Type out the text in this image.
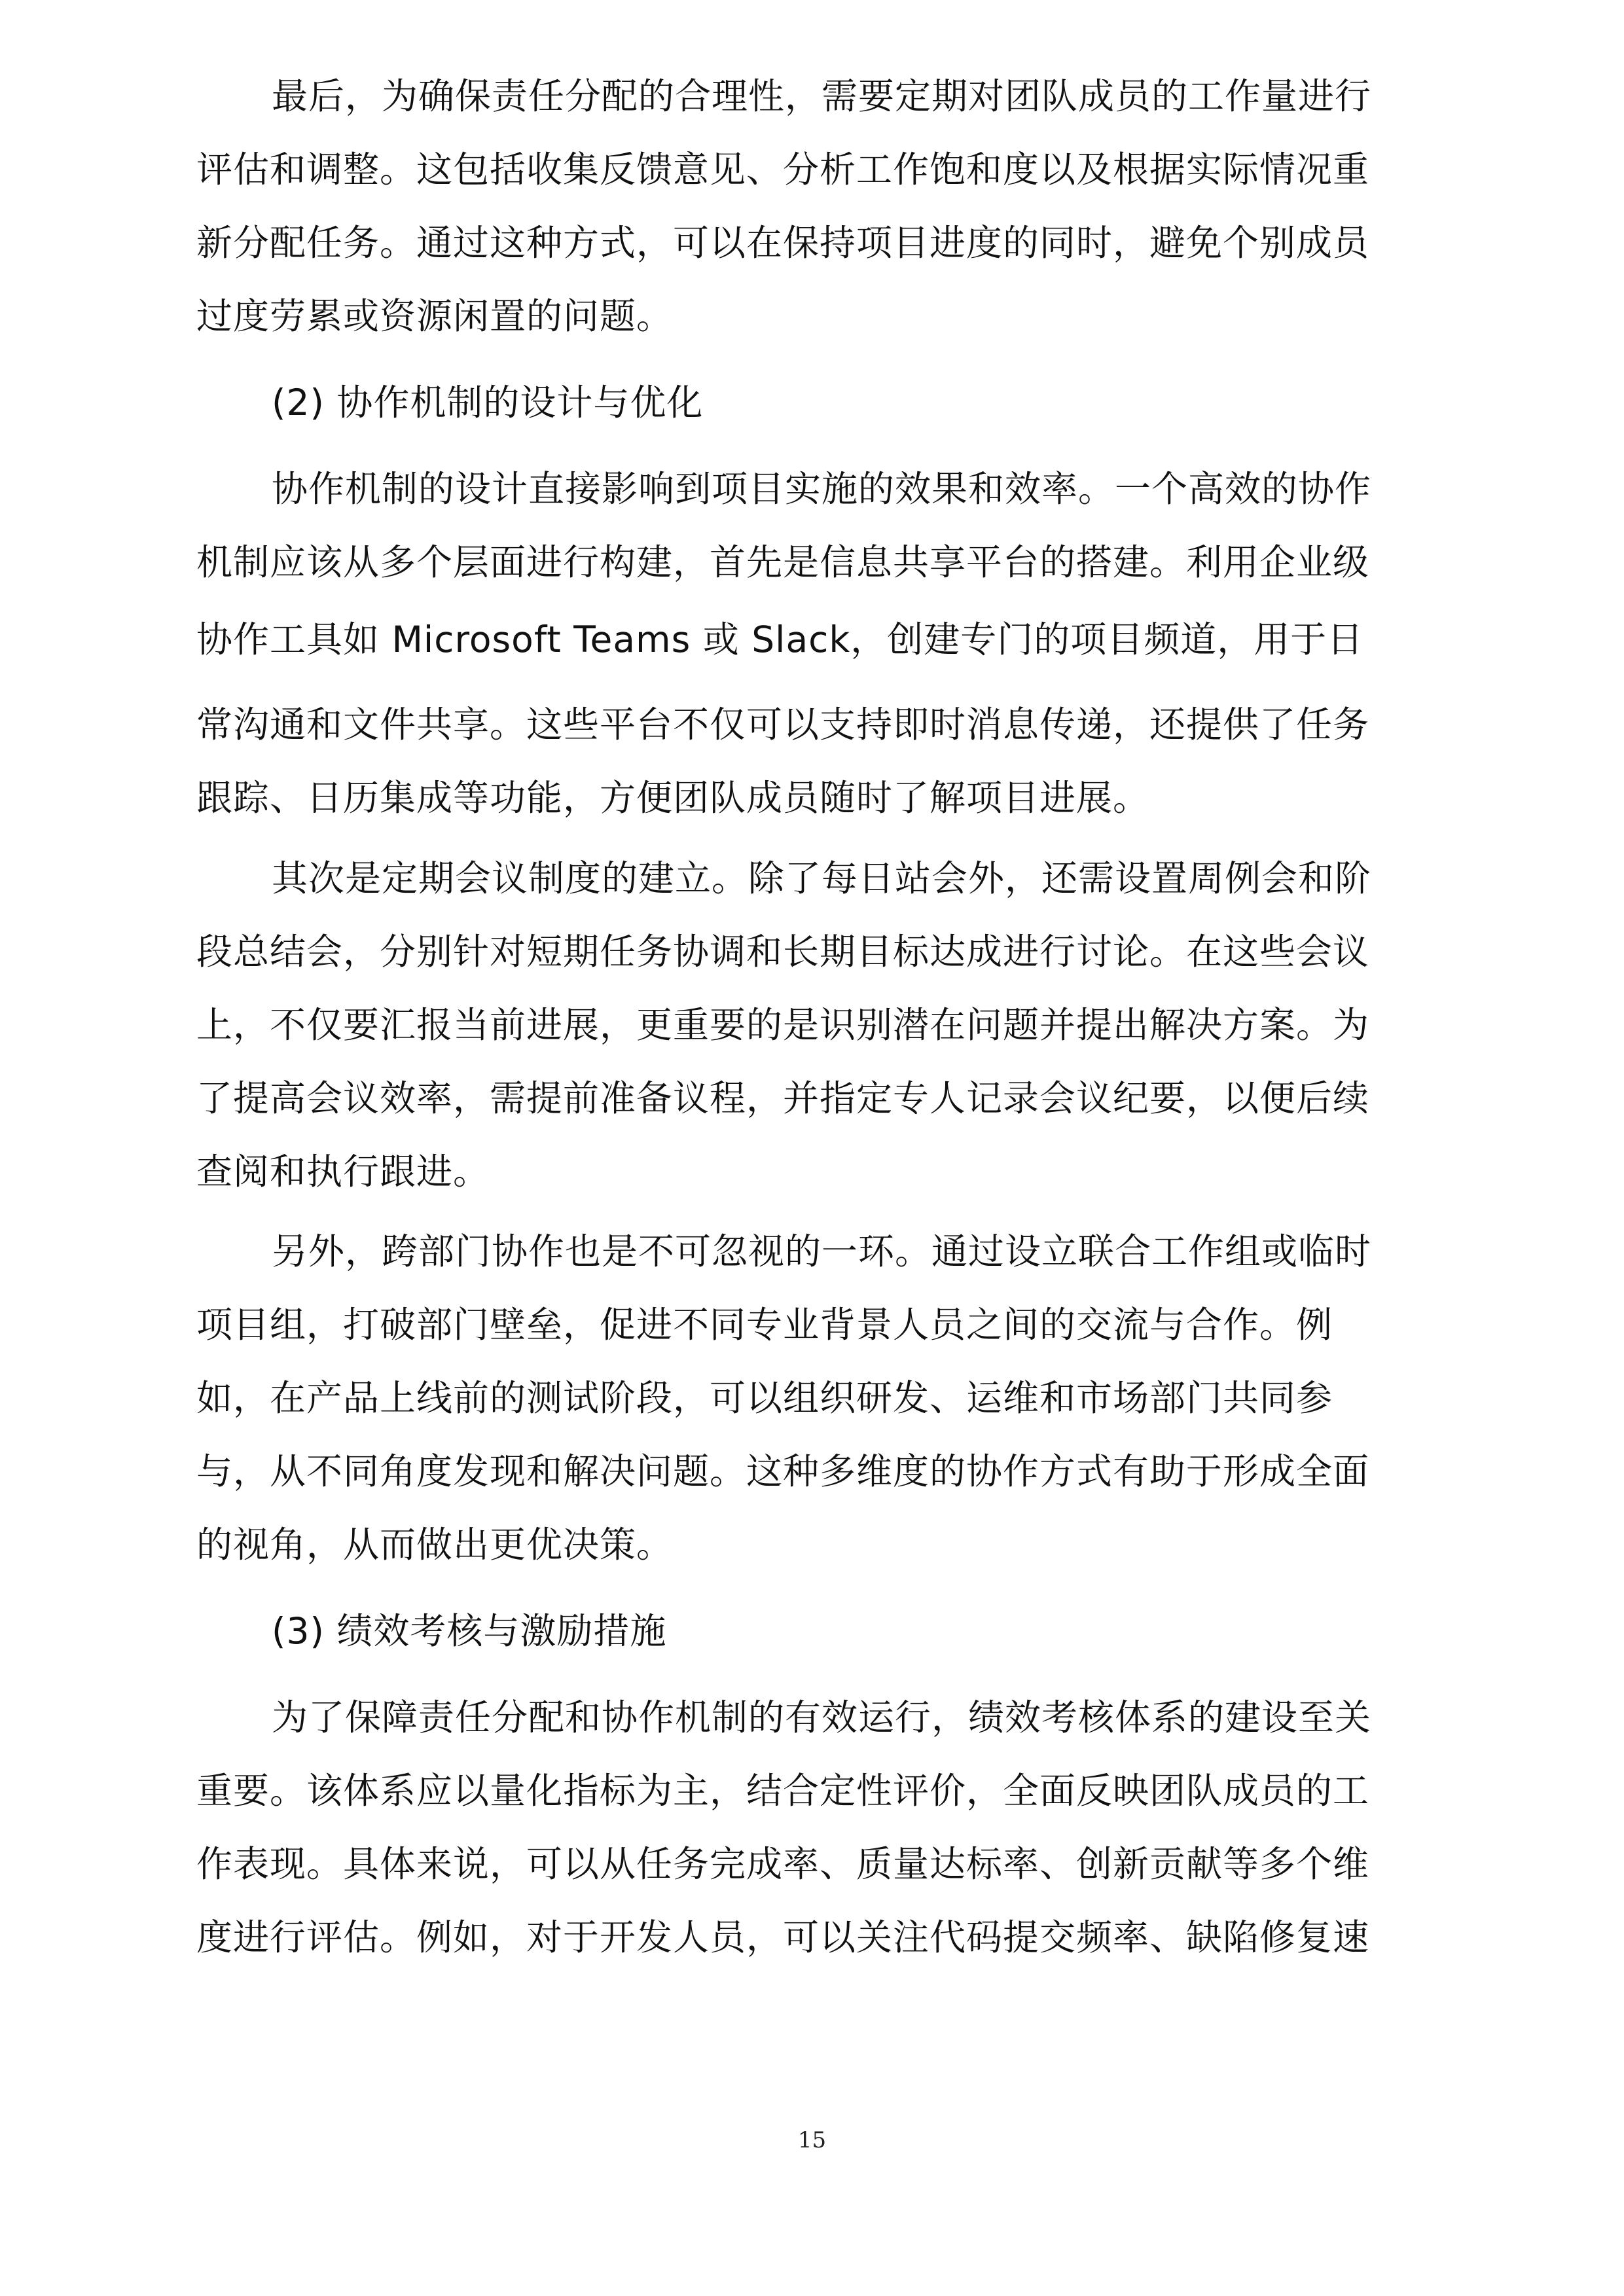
最后，为确保责任分配的合理性，需要定期对团队成员的工作量进行
评估和调整。这包括收集反馈意见、分析工作饱和度以及根据实际情况重
新分配任务。通过这种方式，可以在保持项目进度的同时，避免个别成员
过度劳累或资源闲置的问题。
(2) 协作机制的设计与优化
协作机制的设计直接影响到项目实施的效果和效率。一个高效的协作
机制应该从多个层面进行构建，首先是信息共享平台的搭建。利用企业级
协作工具如 Microsoft Teams 或 Slack，创建专门的项目频道，用于日
常沟通和文件共享。这些平台不仅可以支持即时消息传递，还提供了任务
跟踪、日历集成等功能，方便团队成员随时了解项目进展。
其次是定期会议制度的建立。除了每日站会外，还需设置周例会和阶
段总结会，分别针对短期任务协调和长期目标达成进行讨论。在这些会议
上，不仅要汇报当前进展，更重要的是识别潜在问题并提出解决方案。为
了提高会议效率，需提前准备议程，并指定专人记录会议纪要，以便后续
查阅和执行跟进。
另外，跨部门协作也是不可忽视的一环。通过设立联合工作组或临时
项目组，打破部门壁垒，促进不同专业背景人员之间的交流与合作。例
如，在产品上线前的测试阶段，可以组织研发、运维和市场部门共同参
与，从不同角度发现和解决问题。这种多维度的协作方式有助于形成全面
的视角，从而做出更优决策。
(3) 绩效考核与激励措施
为了保障责任分配和协作机制的有效运行，绩效考核体系的建设至关
重要。该体系应以量化指标为主，结合定性评价，全面反映团队成员的工
作表现。具体来说，可以从任务完成率、质量达标率、创新贡献等多个维
度进行评估。例如，对于开发人员，可以关注代码提交频率、缺陷修复速
15
